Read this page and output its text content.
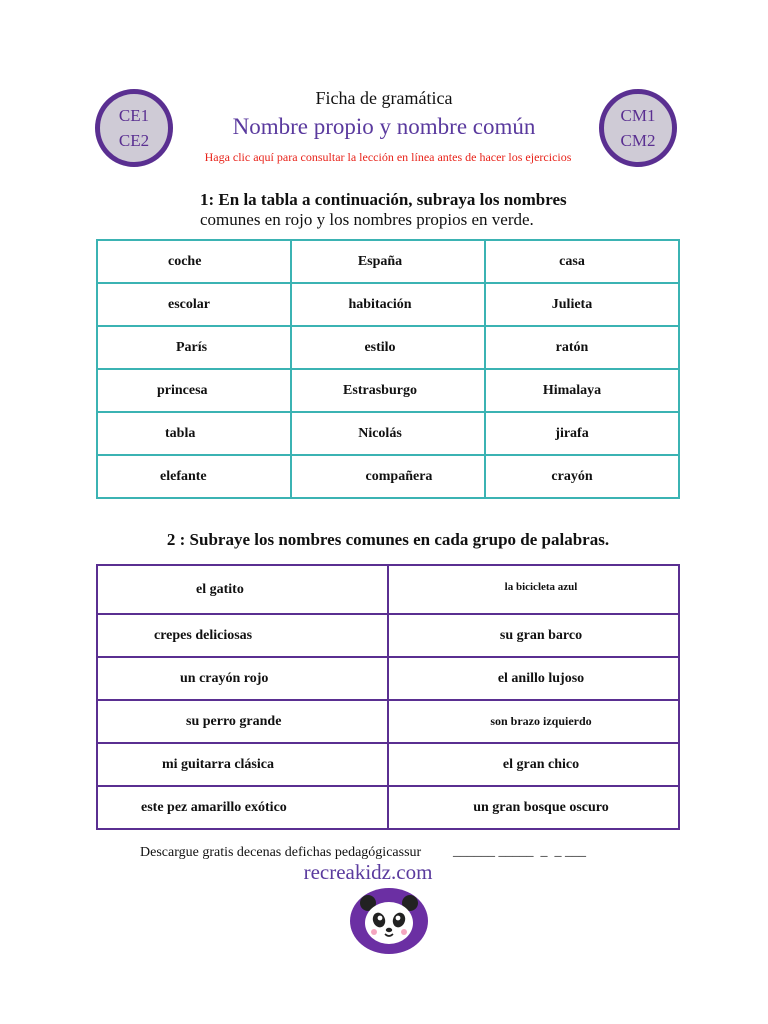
CE1
CE2
CM1
CM2
Ficha de gramática
Nombre propio y nombre común
Haga clic aquí para consultar la lección en línea antes de hacer los ejercicios
1: En la tabla a continuación, subraya los nombres
comunes en rojo y los nombres propios en verde.
coche	España	casa
escolar	habitación	Julieta
París	estilo	ratón
princesa	Estrasburgo	Himalaya
tabla	Nicolás	jirafa
elefante	compañera	crayón
2 : Subraye los nombres comunes en cada grupo de palabras.
el gatito	la bicicleta azul
crepes deliciosas	su gran barco
un crayón rojo	el anillo lujoso
su perro grande	son brazo izquierdo
mi guitarra clásica	el gran chico
este pez amarillo exótico	un gran bosque oscuro
Descargue gratis decenas defichas pedagógicassur ______ _____  _  _ ___
recreakidz.com
